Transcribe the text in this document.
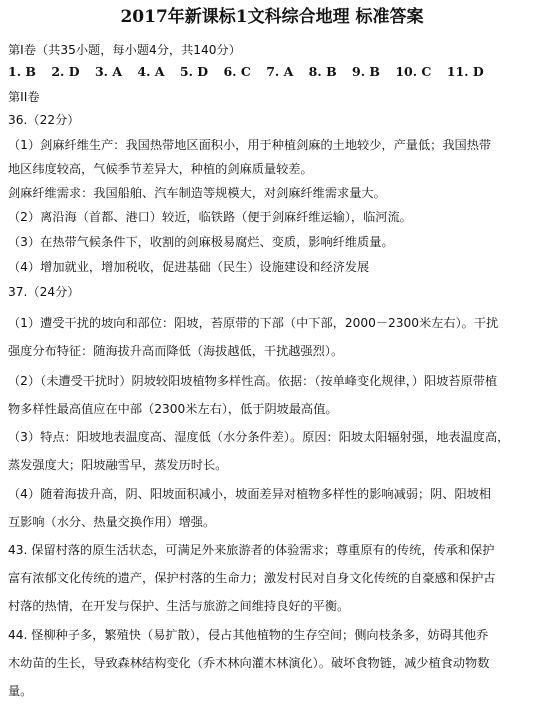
2017年新课标1文科综合地理 标准答案
第Ⅰ卷（共35小题，每小题4分，共140分）
1. B 2. D 3. A 4. A 5. D 6. C 7. A 8. B 9. B 10. C 11. D
第II卷
36.（22分）
（1）剑麻纤维生产：我国热带地区面积小，用于种植剑麻的土地较少，产量低；我国热带
地区纬度较高，气候季节差异大，种植的剑麻质量较差。
剑麻纤维需求：我国船舶、汽车制造等规模大，对剑麻纤维需求量大。
（2）离沿海（首都、港口）较近，临铁路（便于剑麻纤维运输），临河流。
（3）在热带气候条件下，收割的剑麻极易腐烂、变质，影响纤维质量。
（4）增加就业，增加税收，促进基础（民生）设施建设和经济发展
37.（24分）
（1）遭受干扰的坡向和部位：阳坡，苔原带的下部（中下部，2000－2300米左右）。干扰
强度分布特征：随海拔升高而降低（海拔越低，干扰越强烈）。
（2）（未遭受干扰时）阴坡较阳坡植物多样性高。依据：（按单峰变化规律，）阳坡苔原带植
物多样性最高值应在中部（2300米左右），低于阴坡最高值。
（3）特点：阳坡地表温度高、湿度低（水分条件差）。原因：阳坡太阳辐射强，地表温度高，
蒸发强度大；阳坡融雪早，蒸发历时长。
（4）随着海拔升高，阴、阳坡面积减小，坡面差异对植物多样性的影响减弱；阴、阳坡相
互影响（水分、热量交换作用）增强。
43. 保留村落的原生活状态，可满足外来旅游者的体验需求；尊重原有的传统，传承和保护
富有浓郁文化传统的遗产，保护村落的生命力；激发村民对自身文化传统的自豪感和保护古
村落的热情，在开发与保护、生活与旅游之间维持良好的平衡。
44. 怪柳种子多，繁殖快（易扩散），侵占其他植物的生存空间；侧向枝条多，妨碍其他乔
木幼苗的生长，导致森林结构变化（乔木林向灌木林演化）。破坏食物链，减少植食动物数
量。
